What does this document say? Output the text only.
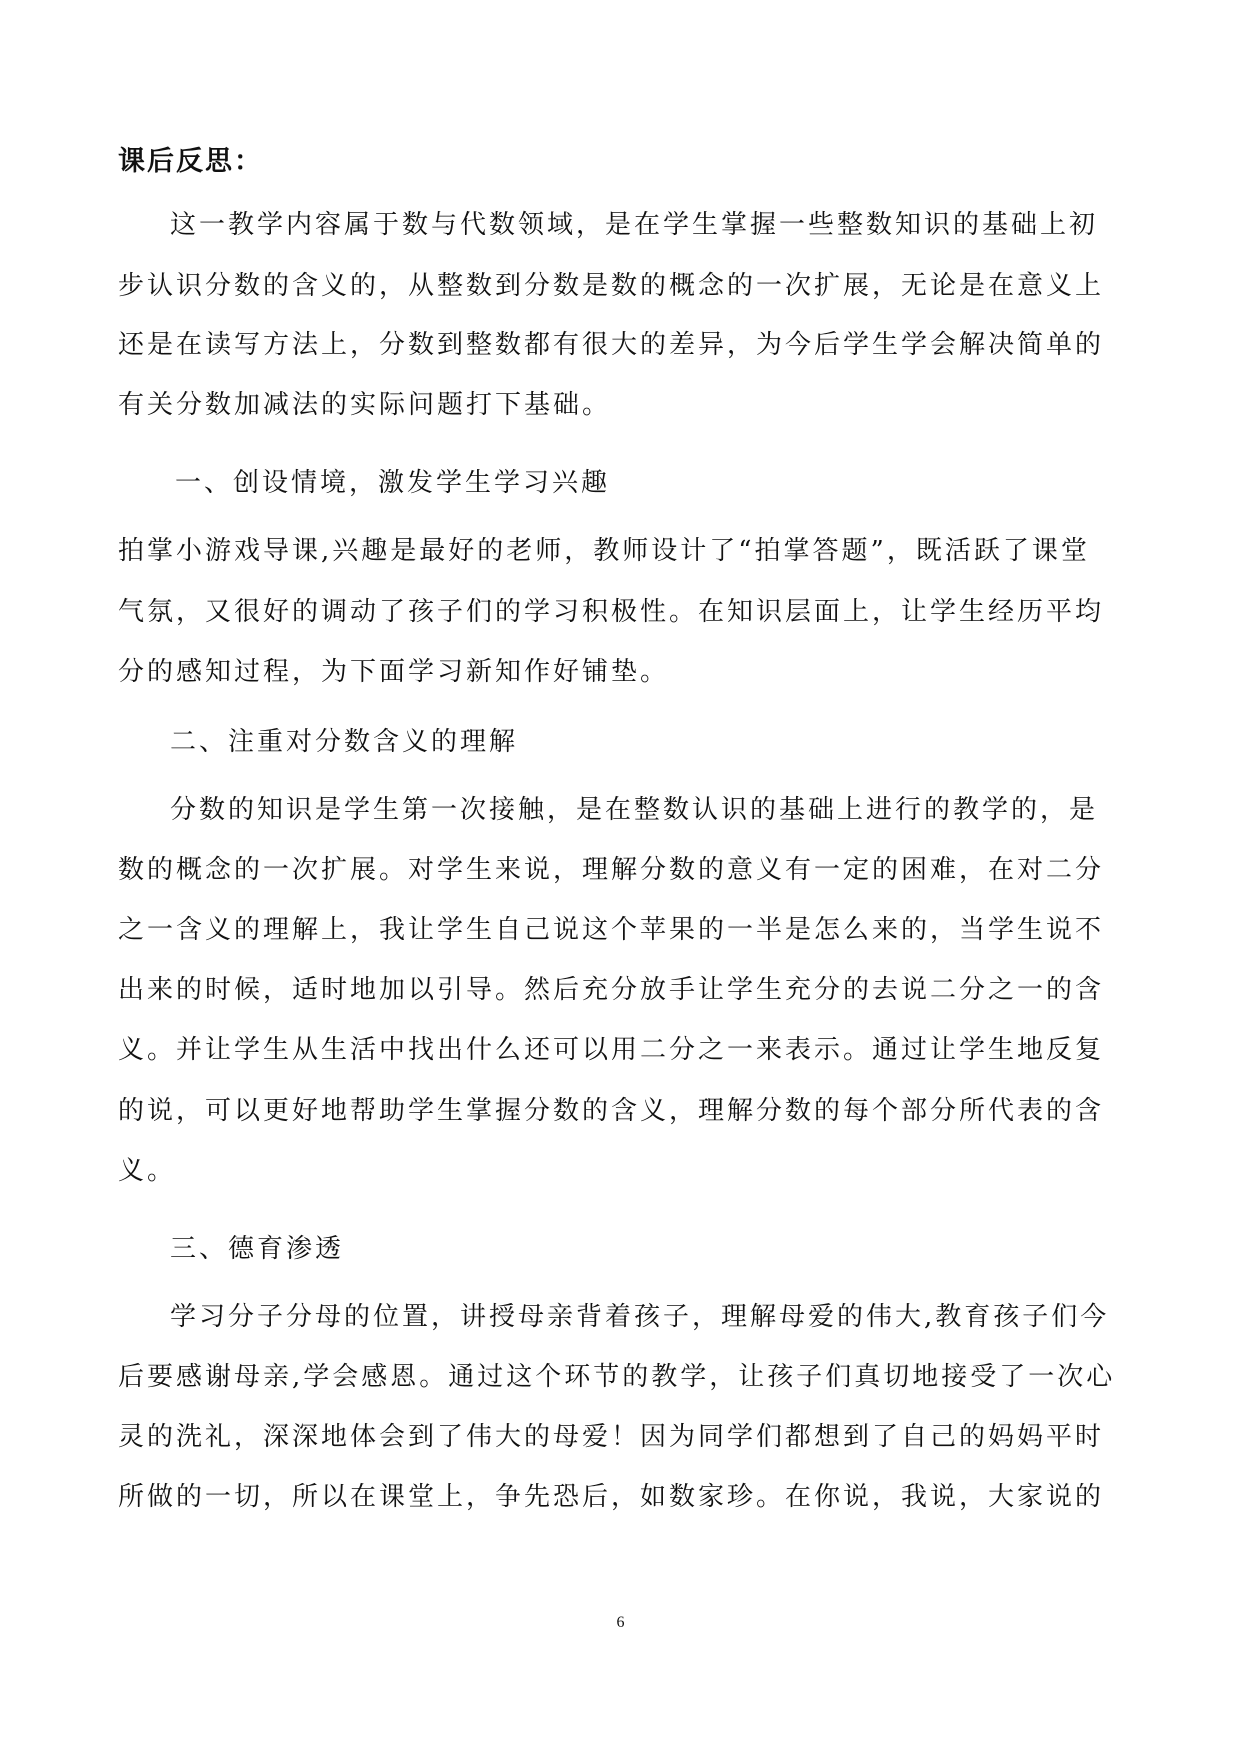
课后反思：
这一教学内容属于数与代数领域，是在学生掌握一些整数知识的基础上初
步认识分数的含义的，从整数到分数是数的概念的一次扩展，无论是在意义上
还是在读写方法上，分数到整数都有很大的差异，为今后学生学会解决简单的
有关分数加减法的实际问题打下基础。
一、创设情境，激发学生学习兴趣
拍掌小游戏导课,兴趣是最好的老师，教师设计了“拍掌答题”，既活跃了课堂
气氛，又很好的调动了孩子们的学习积极性。在知识层面上，让学生经历平均
分的感知过程，为下面学习新知作好铺垫。
二、注重对分数含义的理解
分数的知识是学生第一次接触，是在整数认识的基础上进行的教学的，是
数的概念的一次扩展。对学生来说，理解分数的意义有一定的困难，在对二分
之一含义的理解上，我让学生自己说这个苹果的一半是怎么来的，当学生说不
出来的时候，适时地加以引导。然后充分放手让学生充分的去说二分之一的含
义。并让学生从生活中找出什么还可以用二分之一来表示。通过让学生地反复
的说，可以更好地帮助学生掌握分数的含义，理解分数的每个部分所代表的含
义。
三、德育渗透
学习分子分母的位置，讲授母亲背着孩子，理解母爱的伟大,教育孩子们今
后要感谢母亲,学会感恩。通过这个环节的教学，让孩子们真切地接受了一次心
灵的洗礼，深深地体会到了伟大的母爱！因为同学们都想到了自己的妈妈平时
所做的一切，所以在课堂上，争先恐后，如数家珍。在你说，我说，大家说的
6
